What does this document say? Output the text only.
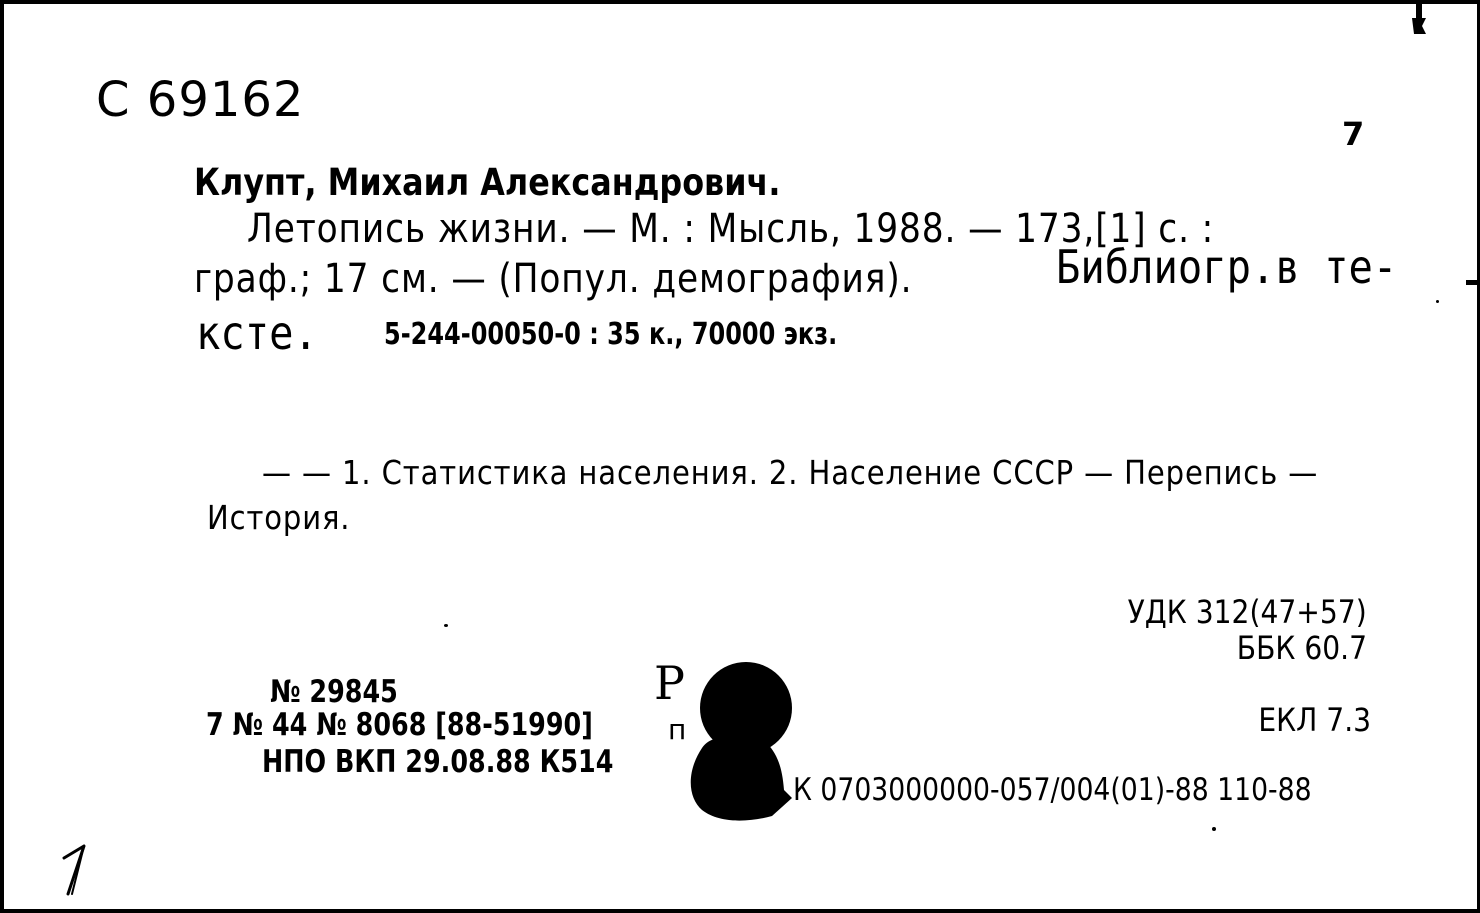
С 69162
7
Клупт, Михаил Александрович.
Летопись жизни. — М. : Мысль, 1988. — 173,[1] с. :
граф.; 17 см. — (Попул. демография).	Библиогр.в те-
ксте.	5-244-00050-0 : 35 к., 70000 экз.
— — 1. Статистика населения. 2. Население СССР — Перепись —
История.
УДК 312(47+57)
ББК 60.7
ЕКЛ 7.3
№ 29845
7 № 44 № 8068 [88-51990]
НПО ВКП 29.08.88 К514
Р
п
К 0703000000-057/004(01)-88 110-88
